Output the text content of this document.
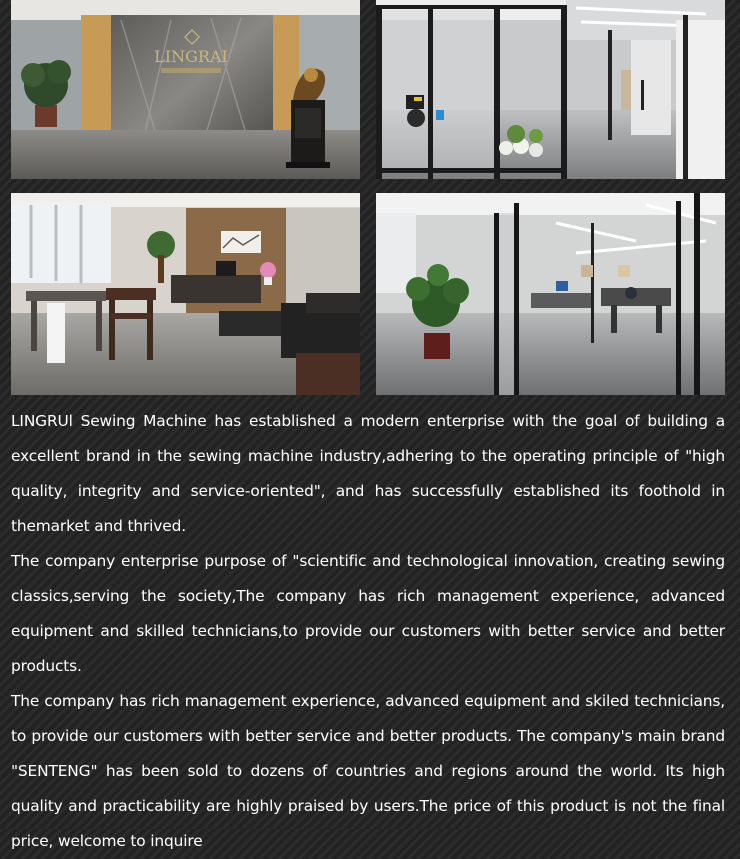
LINGRAI

LINGRUl Sewing Machine has established a modern enterprise with the goal of building a excellent brand in the sewing machine industry,adhering to the operating principle of "high quality, integrity and service-oriented", and has successfully established its foothold in themarket and thrived.

The company enterprise purpose of "scientific and technological innovation, creating sewing classics,serving the society,The company has rich management experience, advanced equipment and skilled technicians,to provide our customers with better service and better products.

The company has rich management experience, advanced equipment and skiled technicians, to provide our customers with better service and better products. The company's main brand "SENTENG" has been sold to dozens of countries and regions around the world. Its high quality and practicability are highly praised by users.The price of this product is not the final price, welcome to inquire
